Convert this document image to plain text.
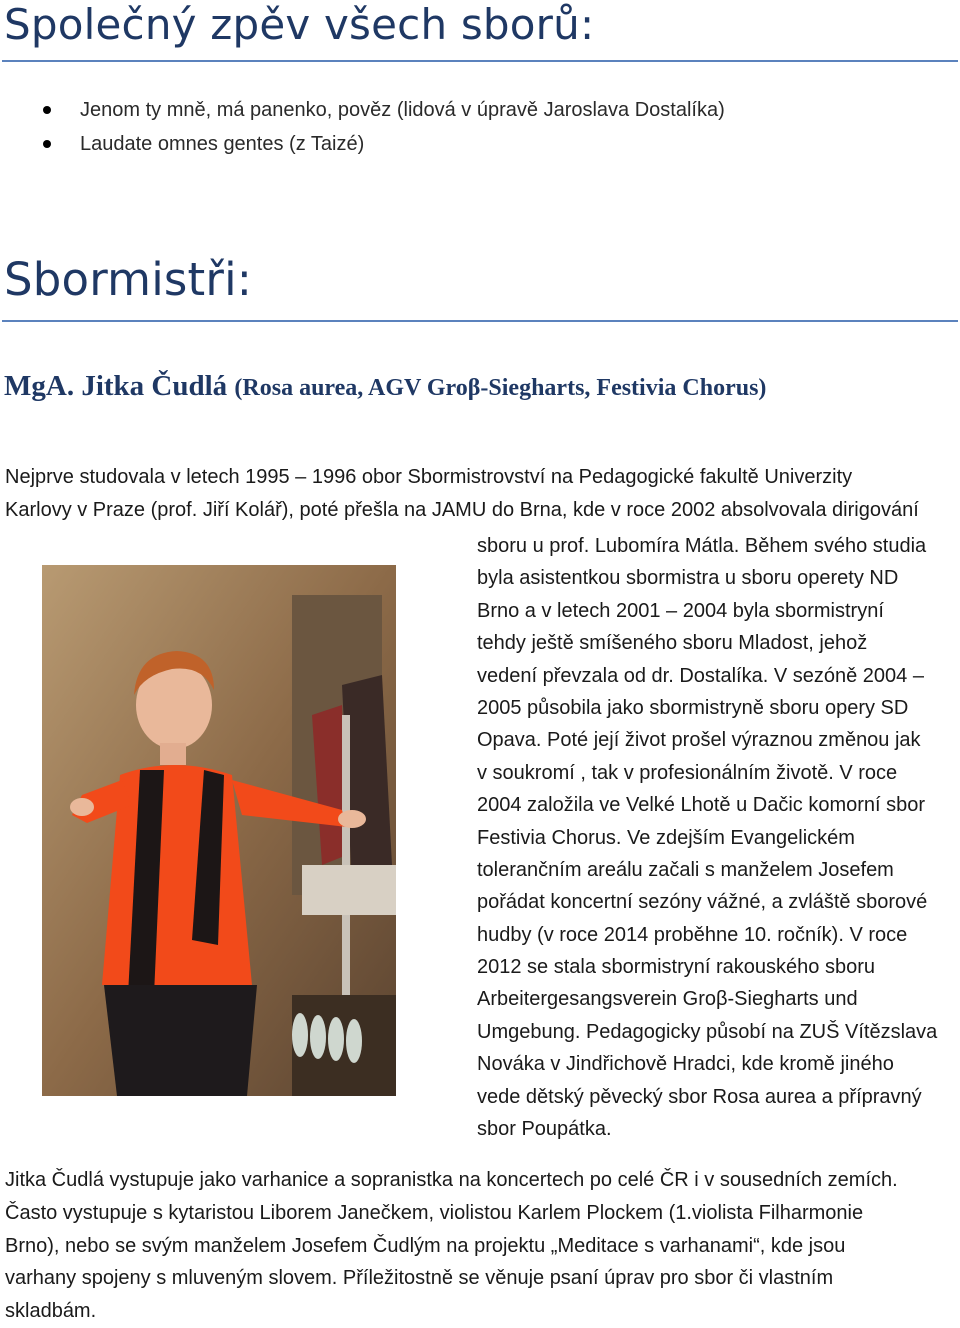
Společný zpěv všech sborů:
Jenom ty mně, má panenko, pověz (lidová v úpravě Jaroslava Dostalíka)
Laudate omnes gentes (z Taizé)
Sbormistři:
MgA. Jitka Čudlá (Rosa aurea, AGV Groβ-Siegharts, Festivia Chorus)
Nejprve studovala v letech 1995 – 1996 obor Sbormistrovství na Pedagogické fakultě Univerzity
Karlovy v Praze (prof. Jiří Kolář), poté přešla na JAMU do Brna, kde v roce 2002 absolvovala dirigování
sboru u prof. Lubomíra Mátla. Během svého studia
byla asistentkou sbormistra u sboru operety ND
Brno a v letech 2001 – 2004 byla sbormistryní
tehdy ještě smíšeného sboru Mladost, jehož
vedení převzala od dr. Dostalíka. V sezóně 2004 –
2005 působila jako sbormistryně sboru opery SD
Opava. Poté její život prošel výraznou změnou jak
v soukromí , tak v profesionálním životě. V roce
2004 založila ve Velké Lhotě u Dačic komorní sbor
Festivia Chorus. Ve zdejším Evangelickém
tolerančním areálu začali s manželem Josefem
pořádat koncertní sezóny vážné, a zvláště sborové
hudby (v roce 2014 proběhne 10. ročník). V roce
2012 se stala sbormistryní rakouského sboru
Arbeitergesangsverein Groβ-Siegharts und
Umgebung. Pedagogicky působí na ZUŠ Vítězslava
Nováka v Jindřichově Hradci, kde kromě jiného
vede dětský pěvecký sbor Rosa aurea a přípravný
sbor Poupátka.
Jitka Čudlá vystupuje jako varhanice a sopranistka na koncertech po celé ČR i v sousedních zemích.
Často vystupuje s kytaristou Liborem Janečkem, violistou Karlem Plockem (1.violista Filharmonie
Brno), nebo se svým manželem Josefem Čudlým na projektu „Meditace s varhanami“, kde jsou
varhany spojeny s mluveným slovem. Příležitostně se věnuje psaní úprav pro sbor či vlastním
skladbám.
